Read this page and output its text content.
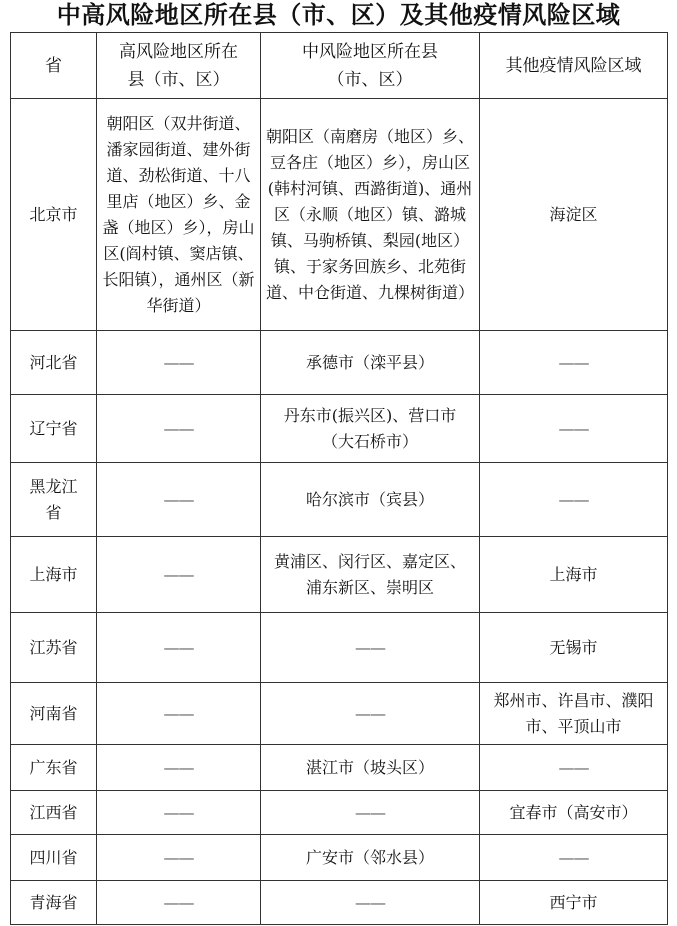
中高风险地区所在县（市、区）及其他疫情风险区域
省	高风险地区所在县（市、区）	中风险地区所在县（市、区）	其他疫情风险区域
北京市	朝阳区（双井街道、潘家园街道、建外街道、劲松街道、十八里店（地区）乡、金盏（地区）乡），房山区(阎村镇、窦店镇、长阳镇），通州区（新华街道）	朝阳区（南磨房（地区）乡、豆各庄（地区）乡），房山区(韩村河镇、西潞街道)、通州区（永顺（地区）镇、潞城镇、马驹桥镇、梨园(地区）镇、于家务回族乡、北苑街道、中仓街道、九棵树街道）	海淀区
河北省	——	承德市（滦平县）	——
辽宁省	——	丹东市(振兴区)、营口市（大石桥市）	——
黑龙江省	——	哈尔滨市（宾县）	——
上海市	——	黄浦区、闵行区、嘉定区、浦东新区、崇明区	上海市
江苏省	——	——	无锡市
河南省	——	——	郑州市、许昌市、濮阳市、平顶山市
广东省	——	湛江市（坡头区）	——
江西省	——	——	宜春市（高安市）
四川省	——	广安市（邻水县）	——
青海省	——	——	西宁市
